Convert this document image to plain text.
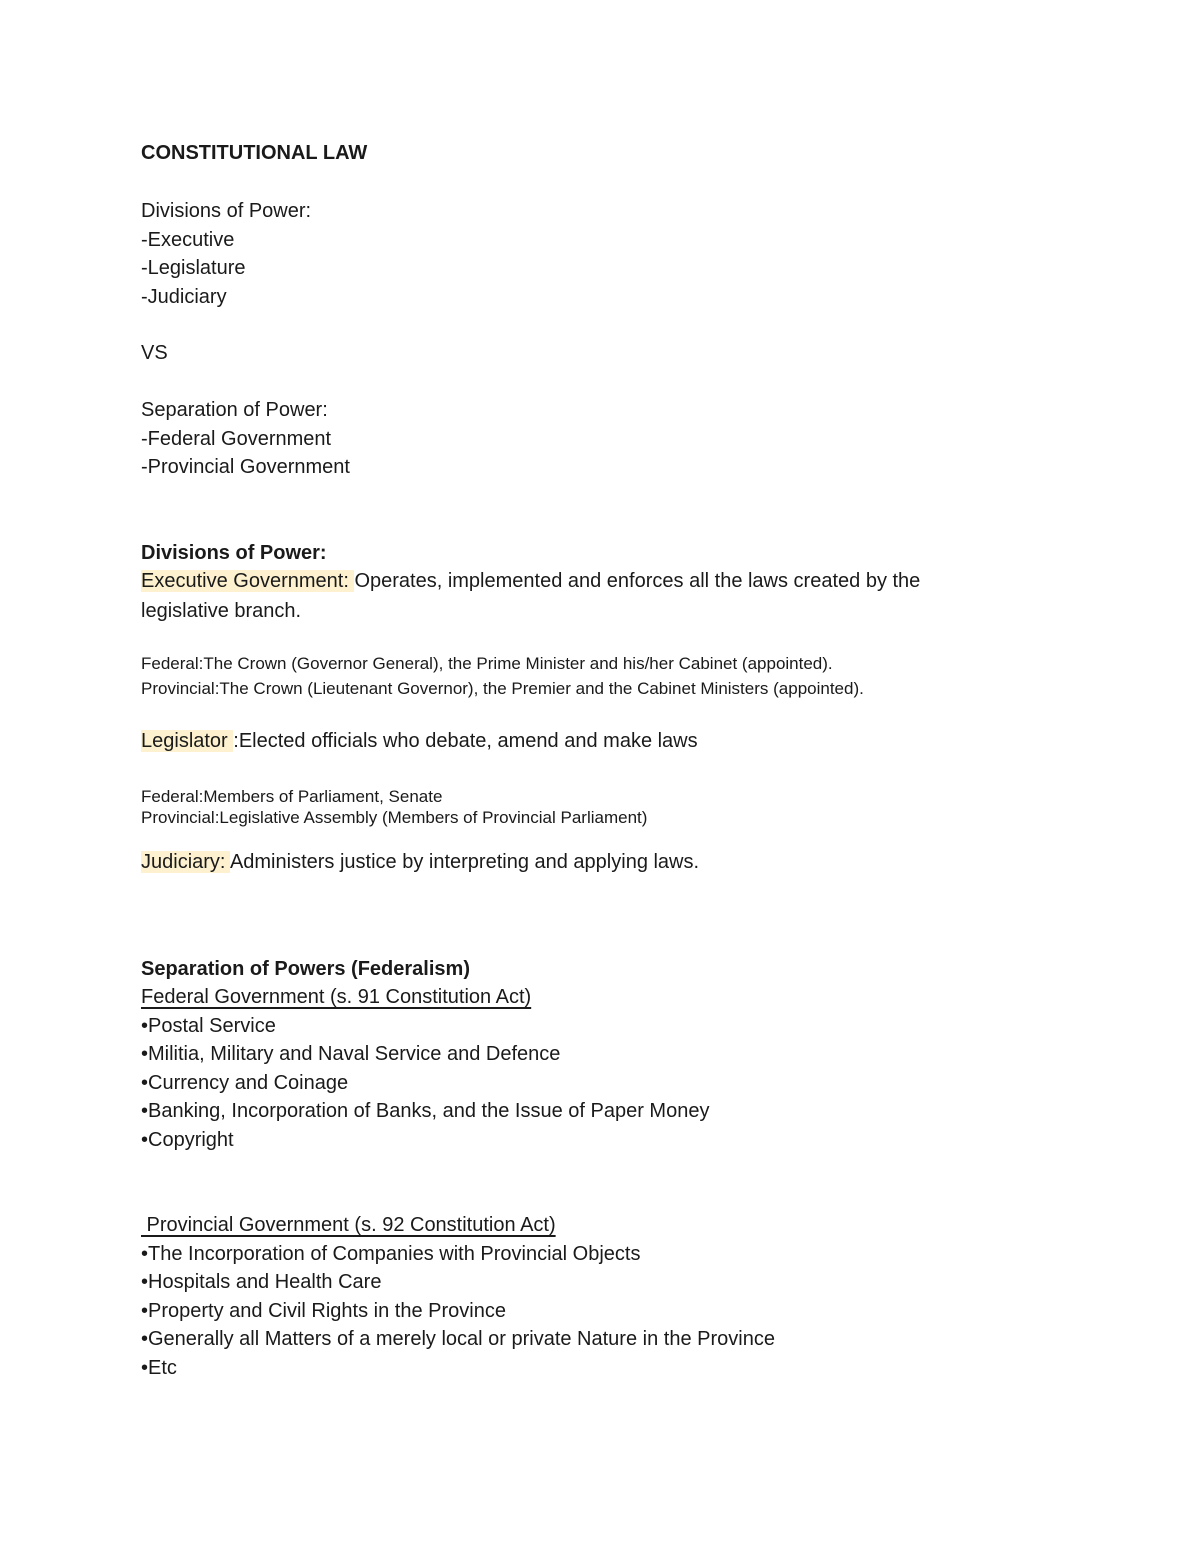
CONSTITUTIONAL LAW
Divisions of Power:
-Executive
-Legislature
-Judiciary
VS
Separation of Power:
-Federal Government
-Provincial Government
Divisions of Power:
Executive Government: Operates, implemented and enforces all the laws created by the legislative branch.
Federal:The Crown (Governor General), the Prime Minister and his/her Cabinet (appointed).
Provincial:The Crown (Lieutenant Governor), the Premier and the Cabinet Ministers (appointed).
Legislator :Elected officials who debate, amend and make laws
Federal:Members of Parliament, Senate
Provincial:Legislative Assembly (Members of Provincial Parliament)
Judiciary: Administers justice by interpreting and applying laws.
Separation of Powers (Federalism)
Federal Government (s. 91 Constitution Act)
•Postal Service
•Militia, Military and Naval Service and Defence
•Currency and Coinage
•Banking, Incorporation of Banks, and the Issue of Paper Money
•Copyright
Provincial Government (s. 92 Constitution Act)
•The Incorporation of Companies with Provincial Objects
•Hospitals and Health Care
•Property and Civil Rights in the Province
•Generally all Matters of a merely local or private Nature in the Province
•Etc
